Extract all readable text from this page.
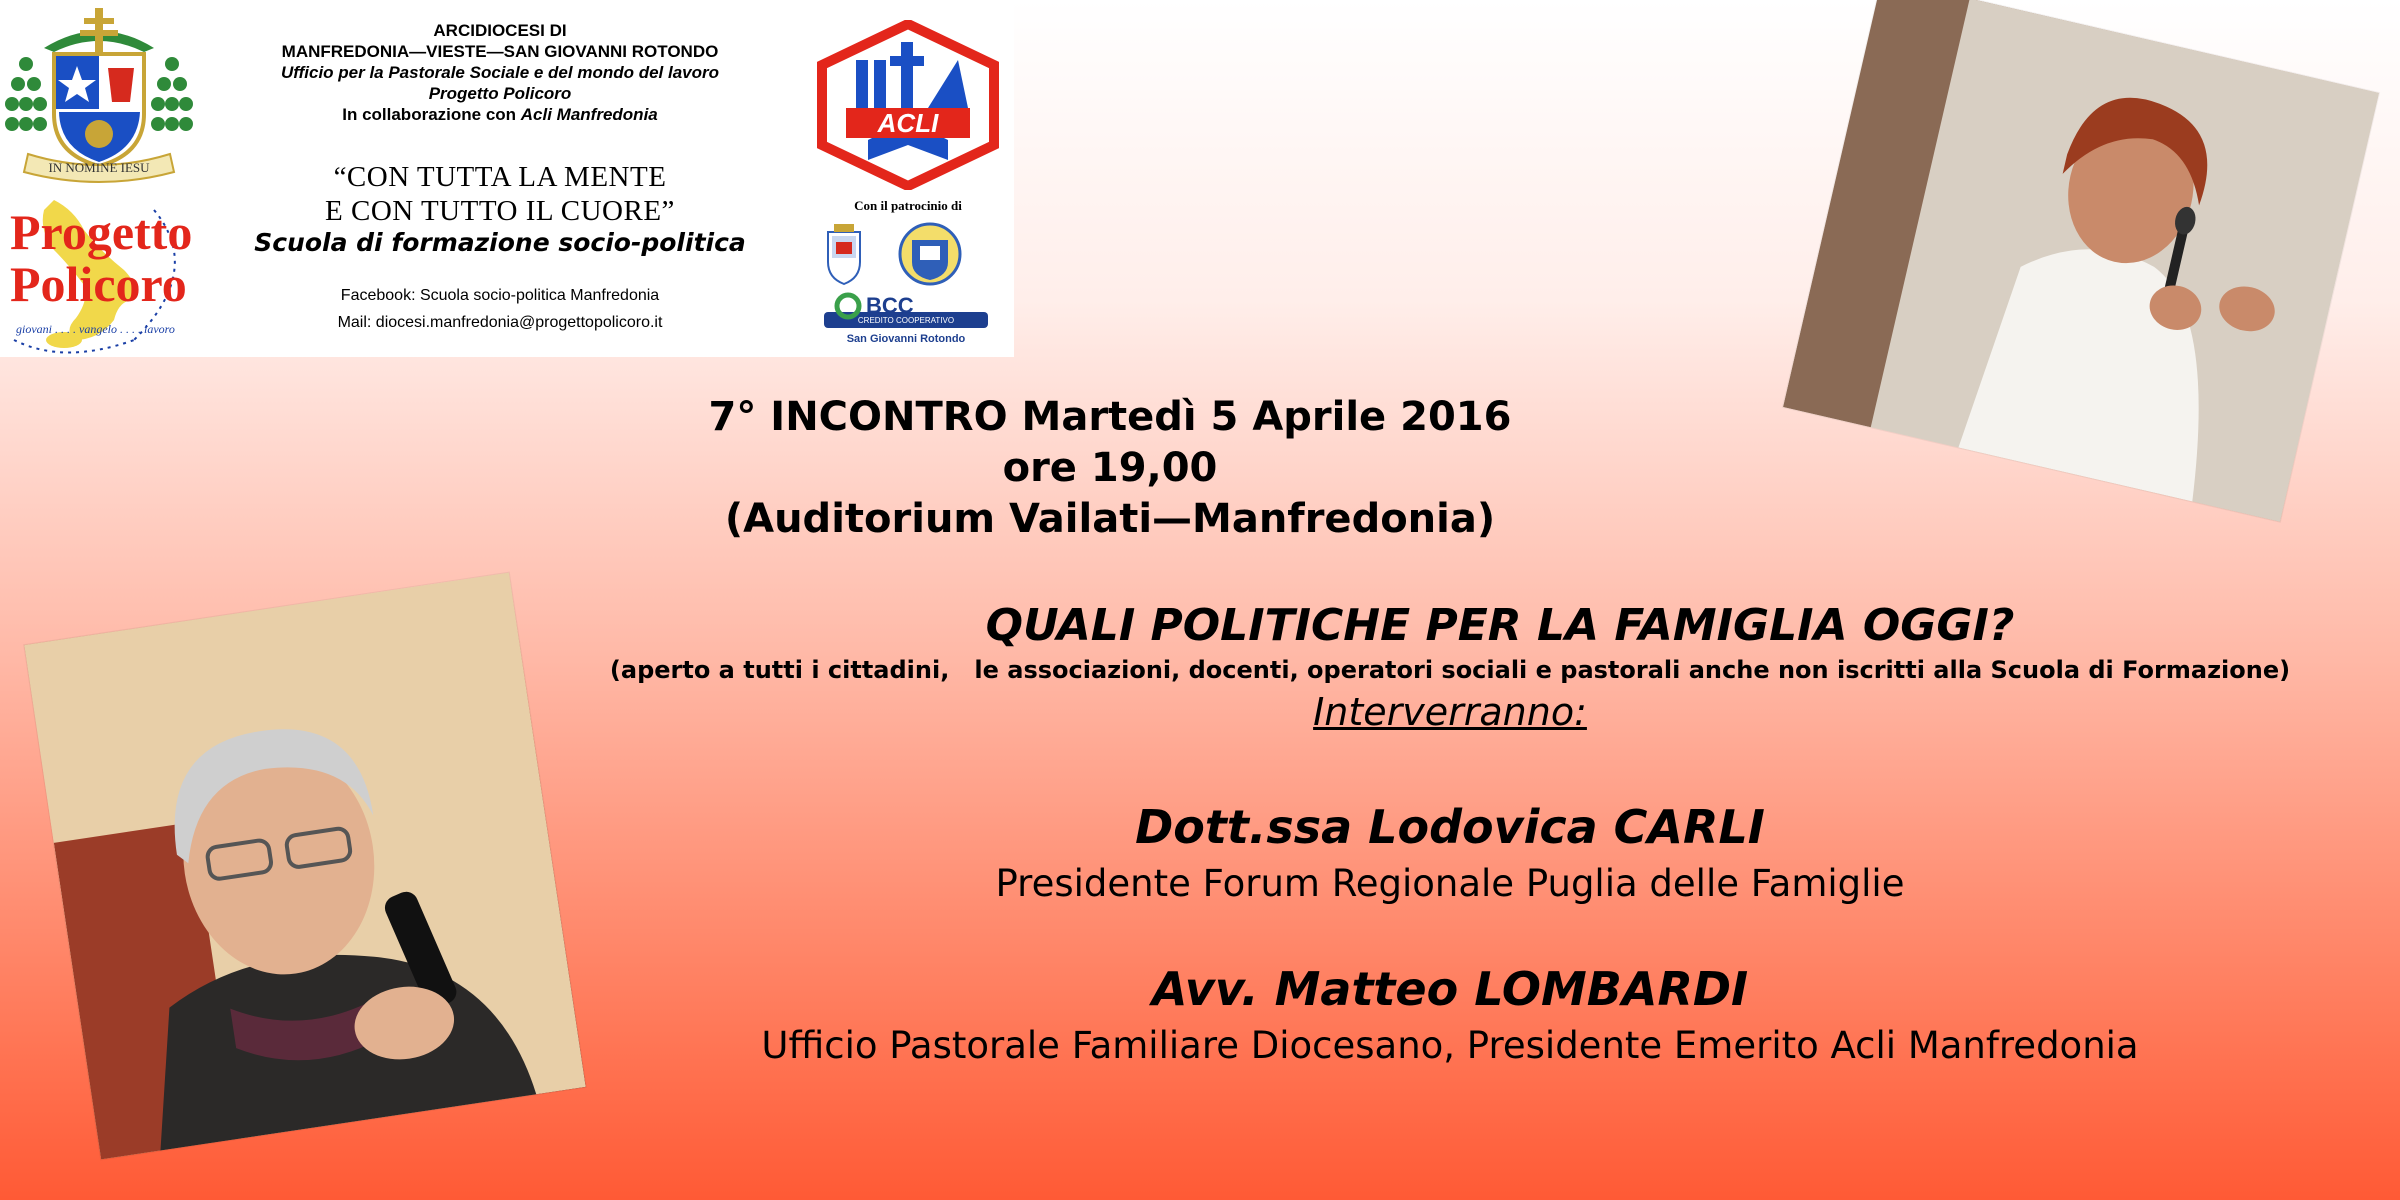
IN NOMINE IESU
Progetto
Policoro
giovani . . . . vangelo . . . . lavoro
ARCIDIOCESI DI
MANFREDONIA—VIESTE—SAN GIOVANNI ROTONDO
Ufficio per la Pastorale Sociale e del mondo del lavoro
Progetto Policoro
In collaborazione con Acli Manfredonia
“CON TUTTA LA MENTE
E CON TUTTO IL CUORE”
Scuola di formazione socio-politica
Facebook: Scuola socio-politica Manfredonia
Mail: diocesi.manfredonia@progettopolicoro.it
ACLI
Con il patrocinio di
BCC
CREDITO COOPERATIVO
San Giovanni Rotondo
7° INCONTRO Martedì 5 Aprile 2016
ore 19,00
(Auditorium Vailati—Manfredonia)
QUALI POLITICHE PER LA FAMIGLIA OGGI?
(aperto a tutti i cittadini,   le associazioni, docenti, operatori sociali e pastorali anche non iscritti alla Scuola di Formazione)
Interverranno:
Dott.ssa Lodovica CARLI
Presidente Forum Regionale Puglia delle Famiglie
Avv. Matteo LOMBARDI
Ufficio Pastorale Familiare Diocesano, Presidente Emerito Acli Manfredonia
